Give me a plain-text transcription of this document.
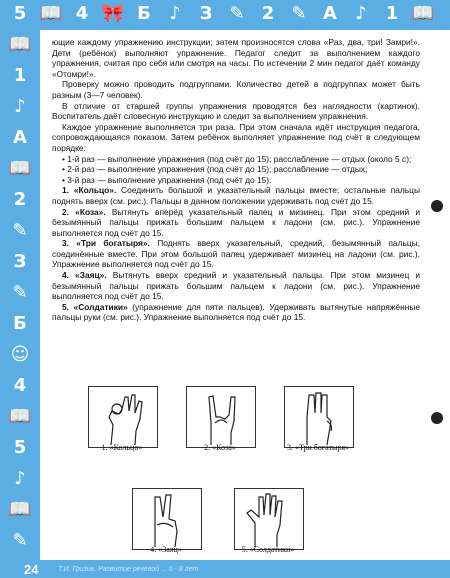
5 📖 4 🎀 Б	♪	З ✎ 2 ✎ А	♪	1 📖
📖
1
♪
А
📖
2
✎
З
✎
Б
☺
4
📖
5
♪
📖
✎

ющие каждому упражнению инструкции; затем произносятся слова «Раз, два, три! Замри!». Дети (ребёнок) выполняют упражнение. Педагог следит за выполнением каждого упражнения, считая про себя или смотря на часы. По истечении 2 мин педагог даёт команду «Отомри!».

Проверку можно проводить подгруппами. Количество детей в подгруппах может быть разным (3—7 человек).

В отличие от старшей группы упражнения проводятся без наглядности (картинок). Воспитатель даёт словесную инструкцию и следит за выполнением упражнения.

Каждое упражнение выполняется три раза. При этом сначала идёт инструкция педагога, сопровождающаяся показом. Затем ребёнок выполняет упражнение под счёт в следующем порядке:

• 1-й раз — выполнение упражнения (под счёт до 15); расслабление — отдых (около 5 с);

• 2-й раз — выполнение упражнения (под счёт до 15); расслабление — отдых;

• 3-й раз — выполнение упражнения (под счёт до 15).

1. «Кольцо». Соединить большой и указательный пальцы вместе; остальные пальцы поднять вверх (см. рис.). Пальцы в данном положении удерживать под счёт до 15.

2. «Коза». Вытянуть вперёд указательный палец и мизинец. При этом средний и безымянный пальцы прижать большим пальцем к ладони (см. рис.). Упражнение выполняется под счёт до 15.

3. «Три богатыря». Поднять вверх указательный, средний, безымянный пальцы, соединённые вместе. При этом большой палец удерживает мизинец на ладони (см. рис.). Упражнение выполняется под счёт до 15.

4. «Заяц». Вытянуть вверх средний и указательный пальцы. При этом мизинец и безымянный пальцы прижать большим пальцем к ладони (см. рис.). Упражнение выполняется под счёт до 15.

5. «Солдатики» (упражнение для пяти пальцев). Удерживать вытянутые напряжённые пальцы руки (см. рис.). Упражнение выполняется под счёт до 15.

1. «Кольцо»	2. «Коза»	3. «Три богатыря»
4. «Заяц»	5. «Солдатики»
24	Т.И. Гризик. Развитие речевой ... 6 - 8 лет
